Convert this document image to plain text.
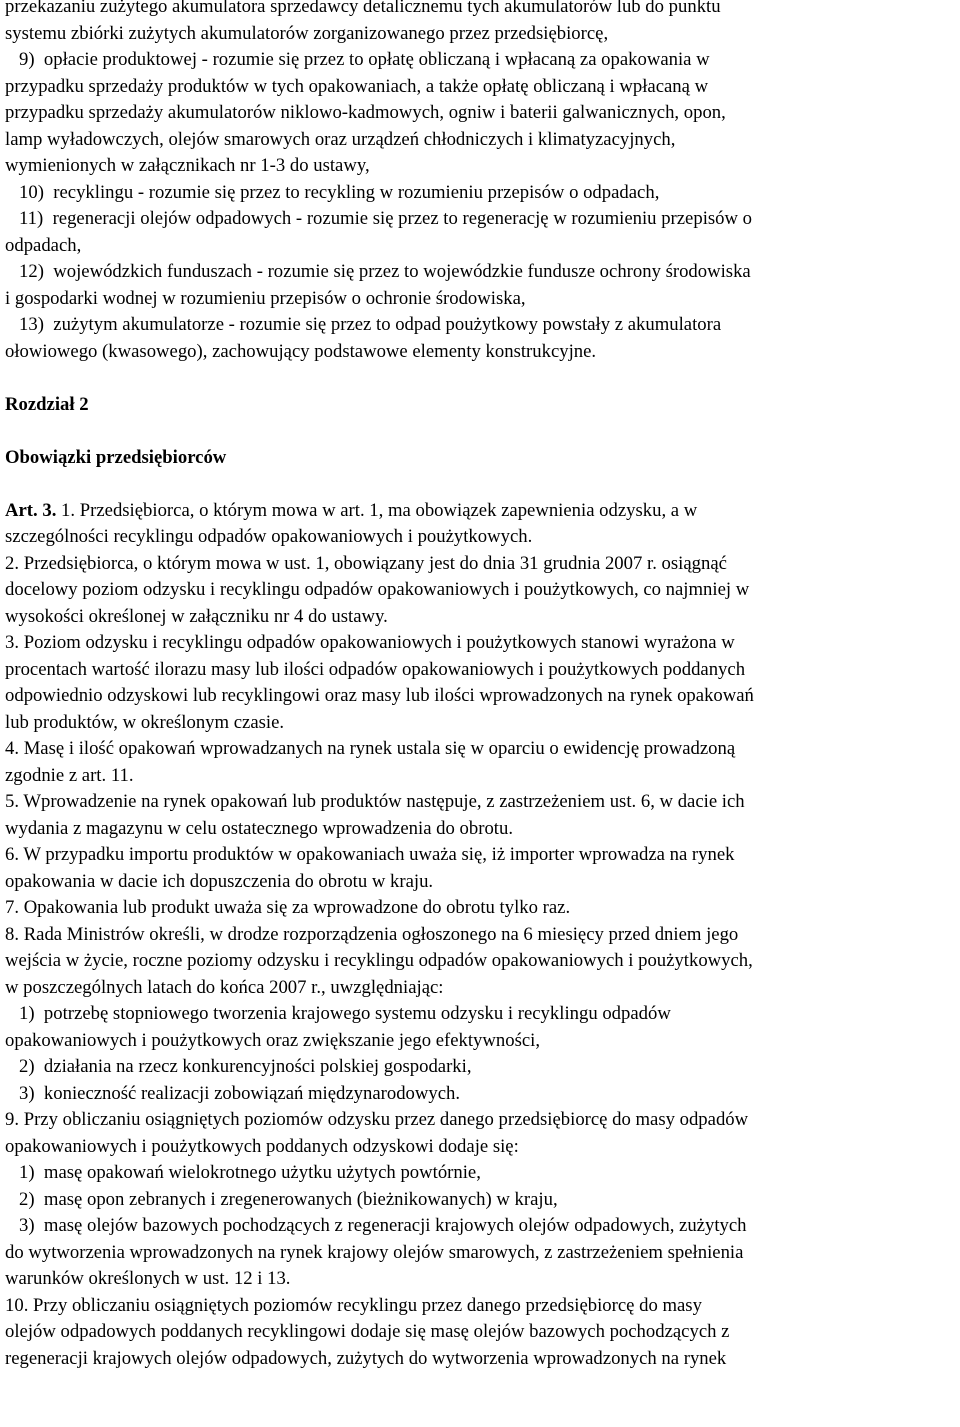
przekazaniu zużytego akumulatora sprzedawcy detalicznemu tych akumulatorów lub do punktu
systemu zbiórki zużytych akumulatorów zorganizowanego przez przedsiębiorcę,
9)  opłacie produktowej - rozumie się przez to opłatę obliczaną i wpłacaną za opakowania w
przypadku sprzedaży produktów w tych opakowaniach, a także opłatę obliczaną i wpłacaną w
przypadku sprzedaży akumulatorów niklowo-kadmowych, ogniw i baterii galwanicznych, opon,
lamp wyładowczych, olejów smarowych oraz urządzeń chłodniczych i klimatyzacyjnych,
wymienionych w załącznikach nr 1-3 do ustawy,
10)  recyklingu - rozumie się przez to recykling w rozumieniu przepisów o odpadach,
11)  regeneracji olejów odpadowych - rozumie się przez to regenerację w rozumieniu przepisów o
odpadach,
12)  wojewódzkich funduszach - rozumie się przez to wojewódzkie fundusze ochrony środowiska
i gospodarki wodnej w rozumieniu przepisów o ochronie środowiska,
13)  zużytym akumulatorze - rozumie się przez to odpad poużytkowy powstały z akumulatora
ołowiowego (kwasowego), zachowujący podstawowe elementy konstrukcyjne.
Rozdział 2
Obowiązki przedsiębiorców
Art. 3. 1. Przedsiębiorca, o którym mowa w art. 1, ma obowiązek zapewnienia odzysku, a w
szczególności recyklingu odpadów opakowaniowych i poużytkowych.
2. Przedsiębiorca, o którym mowa w ust. 1, obowiązany jest do dnia 31 grudnia 2007 r. osiągnąć
docelowy poziom odzysku i recyklingu odpadów opakowaniowych i poużytkowych, co najmniej w
wysokości określonej w załączniku nr 4 do ustawy.
3. Poziom odzysku i recyklingu odpadów opakowaniowych i poużytkowych stanowi wyrażona w
procentach wartość ilorazu masy lub ilości odpadów opakowaniowych i poużytkowych poddanych
odpowiednio odzyskowi lub recyklingowi oraz masy lub ilości wprowadzonych na rynek opakowań
lub produktów, w określonym czasie.
4. Masę i ilość opakowań wprowadzanych na rynek ustala się w oparciu o ewidencję prowadzoną
zgodnie z art. 11.
5. Wprowadzenie na rynek opakowań lub produktów następuje, z zastrzeżeniem ust. 6, w dacie ich
wydania z magazynu w celu ostatecznego wprowadzenia do obrotu.
6. W przypadku importu produktów w opakowaniach uważa się, iż importer wprowadza na rynek
opakowania w dacie ich dopuszczenia do obrotu w kraju.
7. Opakowania lub produkt uważa się za wprowadzone do obrotu tylko raz.
8. Rada Ministrów określi, w drodze rozporządzenia ogłoszonego na 6 miesięcy przed dniem jego
wejścia w życie, roczne poziomy odzysku i recyklingu odpadów opakowaniowych i poużytkowych,
w poszczególnych latach do końca 2007 r., uwzględniając:
1)  potrzebę stopniowego tworzenia krajowego systemu odzysku i recyklingu odpadów
opakowaniowych i poużytkowych oraz zwiększanie jego efektywności,
2)  działania na rzecz konkurencyjności polskiej gospodarki,
3)  konieczność realizacji zobowiązań międzynarodowych.
9. Przy obliczaniu osiągniętych poziomów odzysku przez danego przedsiębiorcę do masy odpadów
opakowaniowych i poużytkowych poddanych odzyskowi dodaje się:
1)  masę opakowań wielokrotnego użytku użytych powtórnie,
2)  masę opon zebranych i zregenerowanych (bieżnikowanych) w kraju,
3)  masę olejów bazowych pochodzących z regeneracji krajowych olejów odpadowych, zużytych
do wytworzenia wprowadzonych na rynek krajowy olejów smarowych, z zastrzeżeniem spełnienia
warunków określonych w ust. 12 i 13.
10. Przy obliczaniu osiągniętych poziomów recyklingu przez danego przedsiębiorcę do masy
olejów odpadowych poddanych recyklingowi dodaje się masę olejów bazowych pochodzących z
regeneracji krajowych olejów odpadowych, zużytych do wytworzenia wprowadzonych na rynek
